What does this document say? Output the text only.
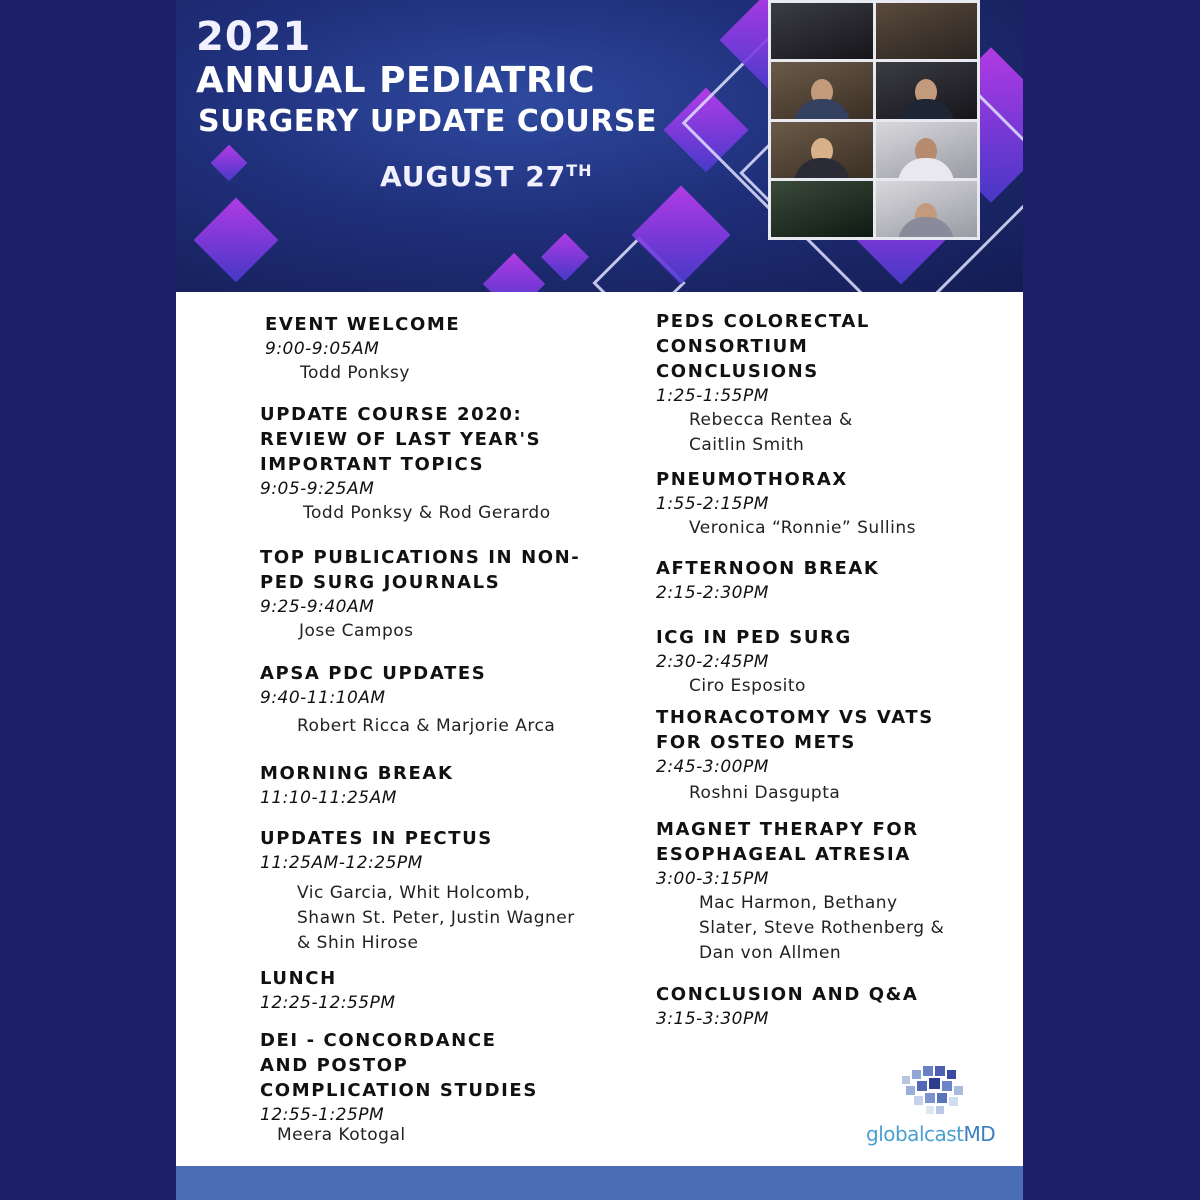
2021
ANNUAL PEDIATRIC
SURGERY UPDATE COURSE
AUGUST 27TH
EVENT WELCOME
9:00-9:05AM
Todd Ponksy
UPDATE COURSE 2020:
REVIEW OF LAST YEAR'S
IMPORTANT TOPICS
9:05-9:25AM
Todd Ponksy & Rod Gerardo
TOP PUBLICATIONS IN NON-
PED SURG JOURNALS
9:25-9:40AM
Jose Campos
APSA PDC UPDATES
9:40-11:10AM
Robert Ricca & Marjorie Arca
MORNING BREAK
11:10-11:25AM
UPDATES IN PECTUS
11:25AM-12:25PM
Vic Garcia, Whit Holcomb,
Shawn St. Peter, Justin Wagner
& Shin Hirose
LUNCH
12:25-12:55PM
DEI - CONCORDANCE
AND POSTOP
COMPLICATION STUDIES
12:55-1:25PM
Meera Kotogal
PEDS COLORECTAL
CONSORTIUM
CONCLUSIONS
1:25-1:55PM
Rebecca Rentea &
Caitlin Smith
PNEUMOTHORAX
1:55-2:15PM
Veronica “Ronnie” Sullins
AFTERNOON BREAK
2:15-2:30PM
ICG IN PED SURG
2:30-2:45PM
Ciro Esposito
THORACOTOMY VS VATS
FOR OSTEO METS
2:45-3:00PM
Roshni Dasgupta
MAGNET THERAPY FOR
ESOPHAGEAL ATRESIA
3:00-3:15PM
Mac Harmon, Bethany
Slater, Steve Rothenberg &
Dan von Allmen
CONCLUSION AND Q&A
3:15-3:30PM
globalcastMD
